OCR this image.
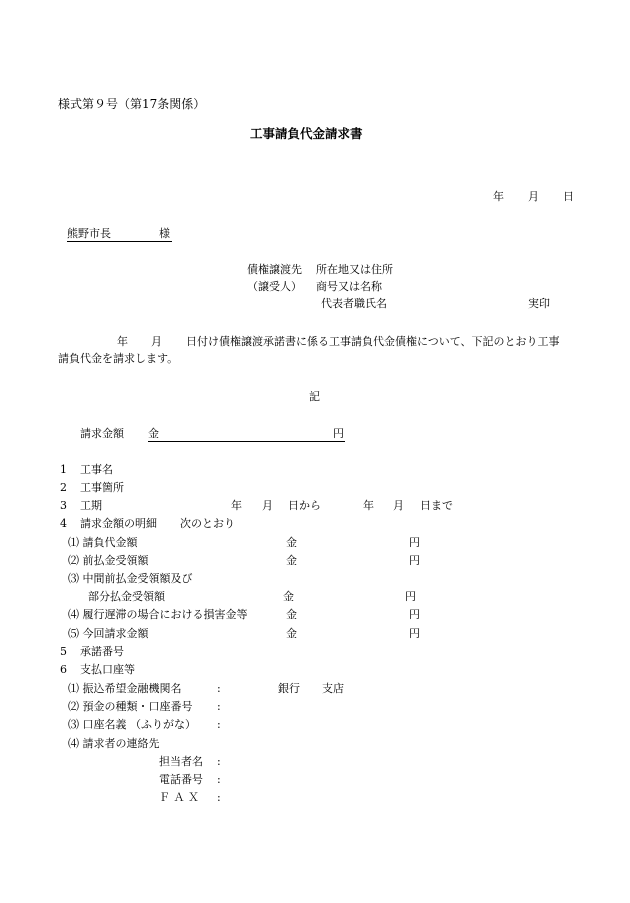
様式第９号（第17条関係）
工事請負代金請求書
年 月 日
熊野市長	様
債権譲渡先 所在地又は住所
（譲受人） 商号又は名称
代表者職氏名	実印
年 月 日付け債権譲渡承諾書に係る工事請負代金債権について、下記のとおり工事
請負代金を請求します。
記
請求金額 金	円
1 工事名
2 工事箇所
3 工期	年 月 日から	年 月 日まで
4 請求金額の明細 次のとおり
⑴ 請負代金額	金	円
⑵ 前払金受領額	金	円
⑶ 中間前払金受領額及び
部分払金受領額	金	円
⑷ 履行遅滞の場合における損害金等	金	円
⑸ 今回請求金額	金	円
5 承諾番号
6 支払口座等
⑴ 振込希望金融機関名	:	銀行 支店
⑵ 預金の種類・口座番号 :
⑶ 口座名義 （ふりがな） :
⑷ 請求者の連絡先
担当者名 :
電話番号 :
Ｆ Ａ Ｘ :
